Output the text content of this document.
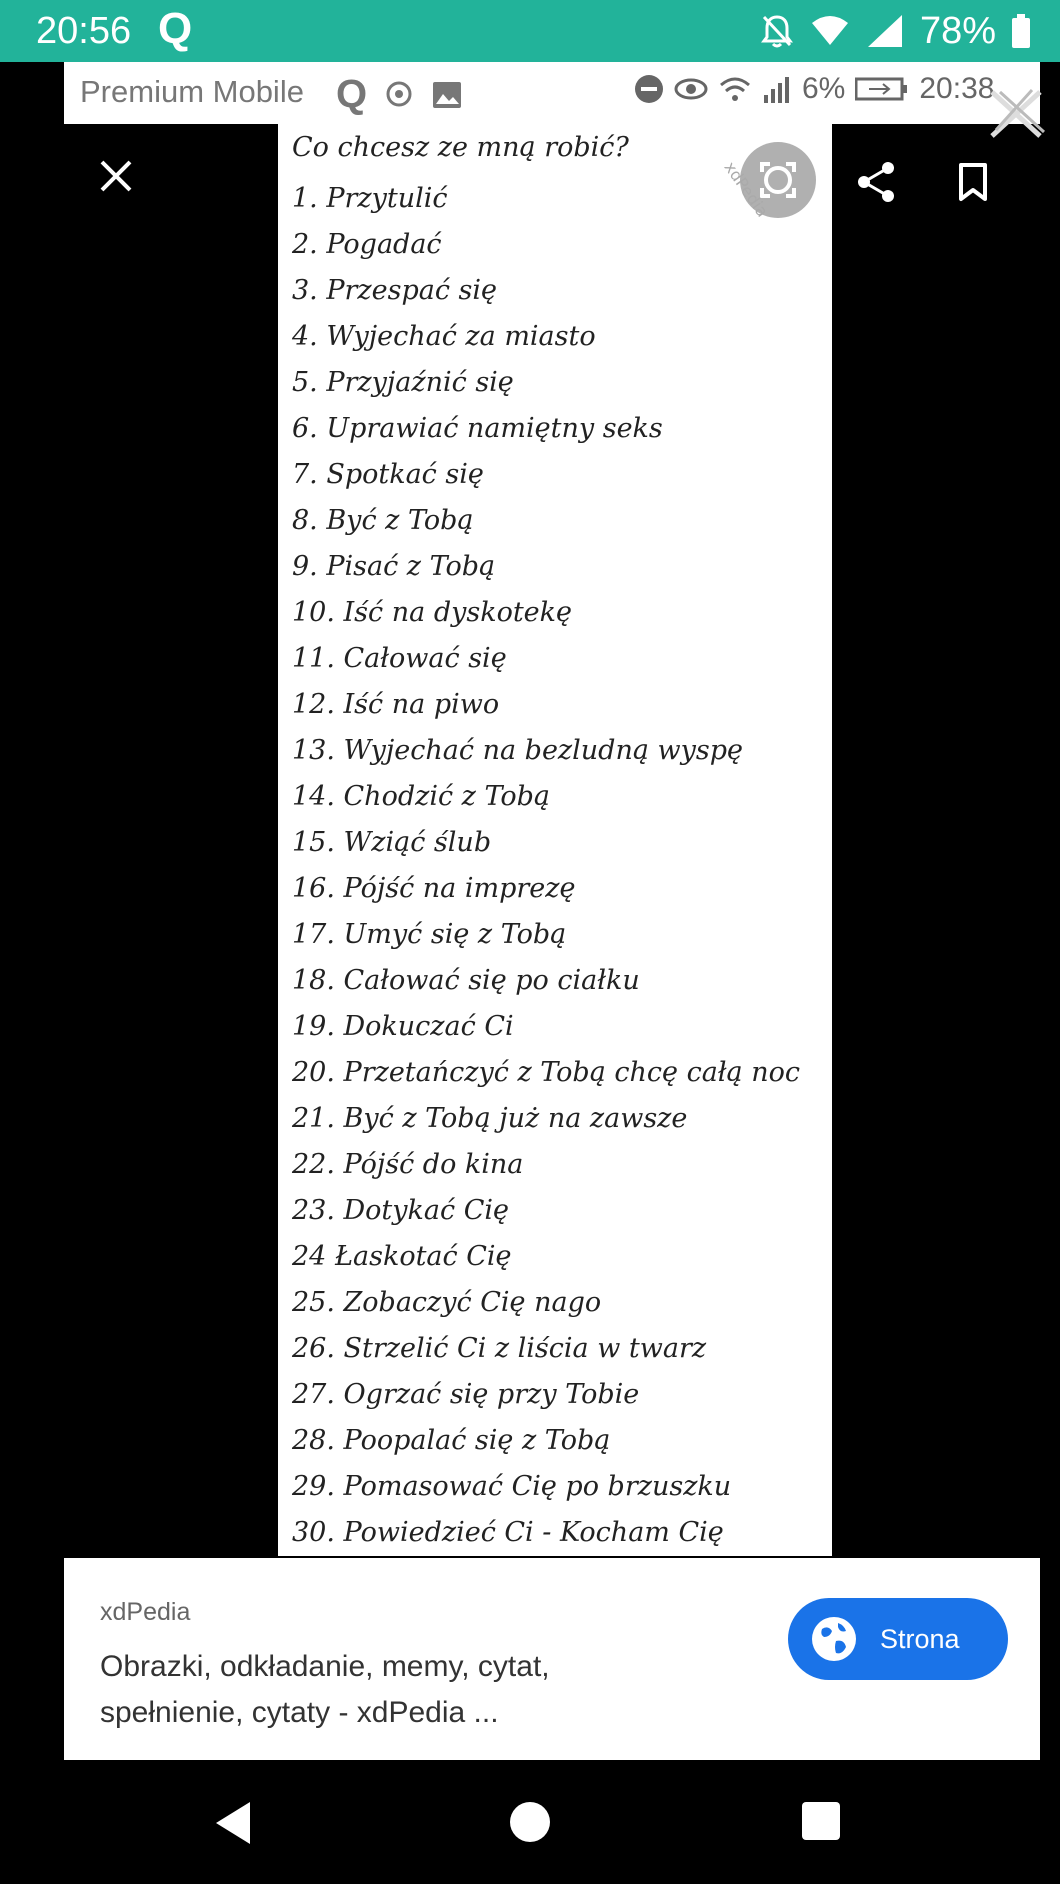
20:56 Q	78%
Premium Mobile Q	6% 20:38
Co chcesz ze mną robić?
1. Przytulić
2. Pogadać
3. Przespać się
4. Wyjechać za miasto
5. Przyjaźnić się
6. Uprawiać namiętny seks
7. Spotkać się
8. Być z Tobą
9. Pisać z Tobą
10. Iść na dyskotekę
11. Całować się
12. Iść na piwo
13. Wyjechać na bezludną wyspę
14. Chodzić z Tobą
15. Wziąć ślub
16. Pójść na imprezę
17. Umyć się z Tobą
18. Całować się po ciałku
19. Dokuczać Ci
20. Przetańczyć z Tobą chcę całą noc
21. Być z Tobą już na zawsze
22. Pójść do kina
23. Dotykać Cię
24 Łaskotać Cię
25. Zobaczyć Cię nago
26. Strzelić Ci z liścia w twarz
27. Ogrzać się przy Tobie
28. Poopalać się z Tobą
29. Pomasować Cię po brzuszku
30. Powiedzieć Ci - Kocham Cię
xdPedia
xdPedia
Obrazki, odkładanie, memy, cytat, spełnienie, cytaty - xdPedia ...
Strona
